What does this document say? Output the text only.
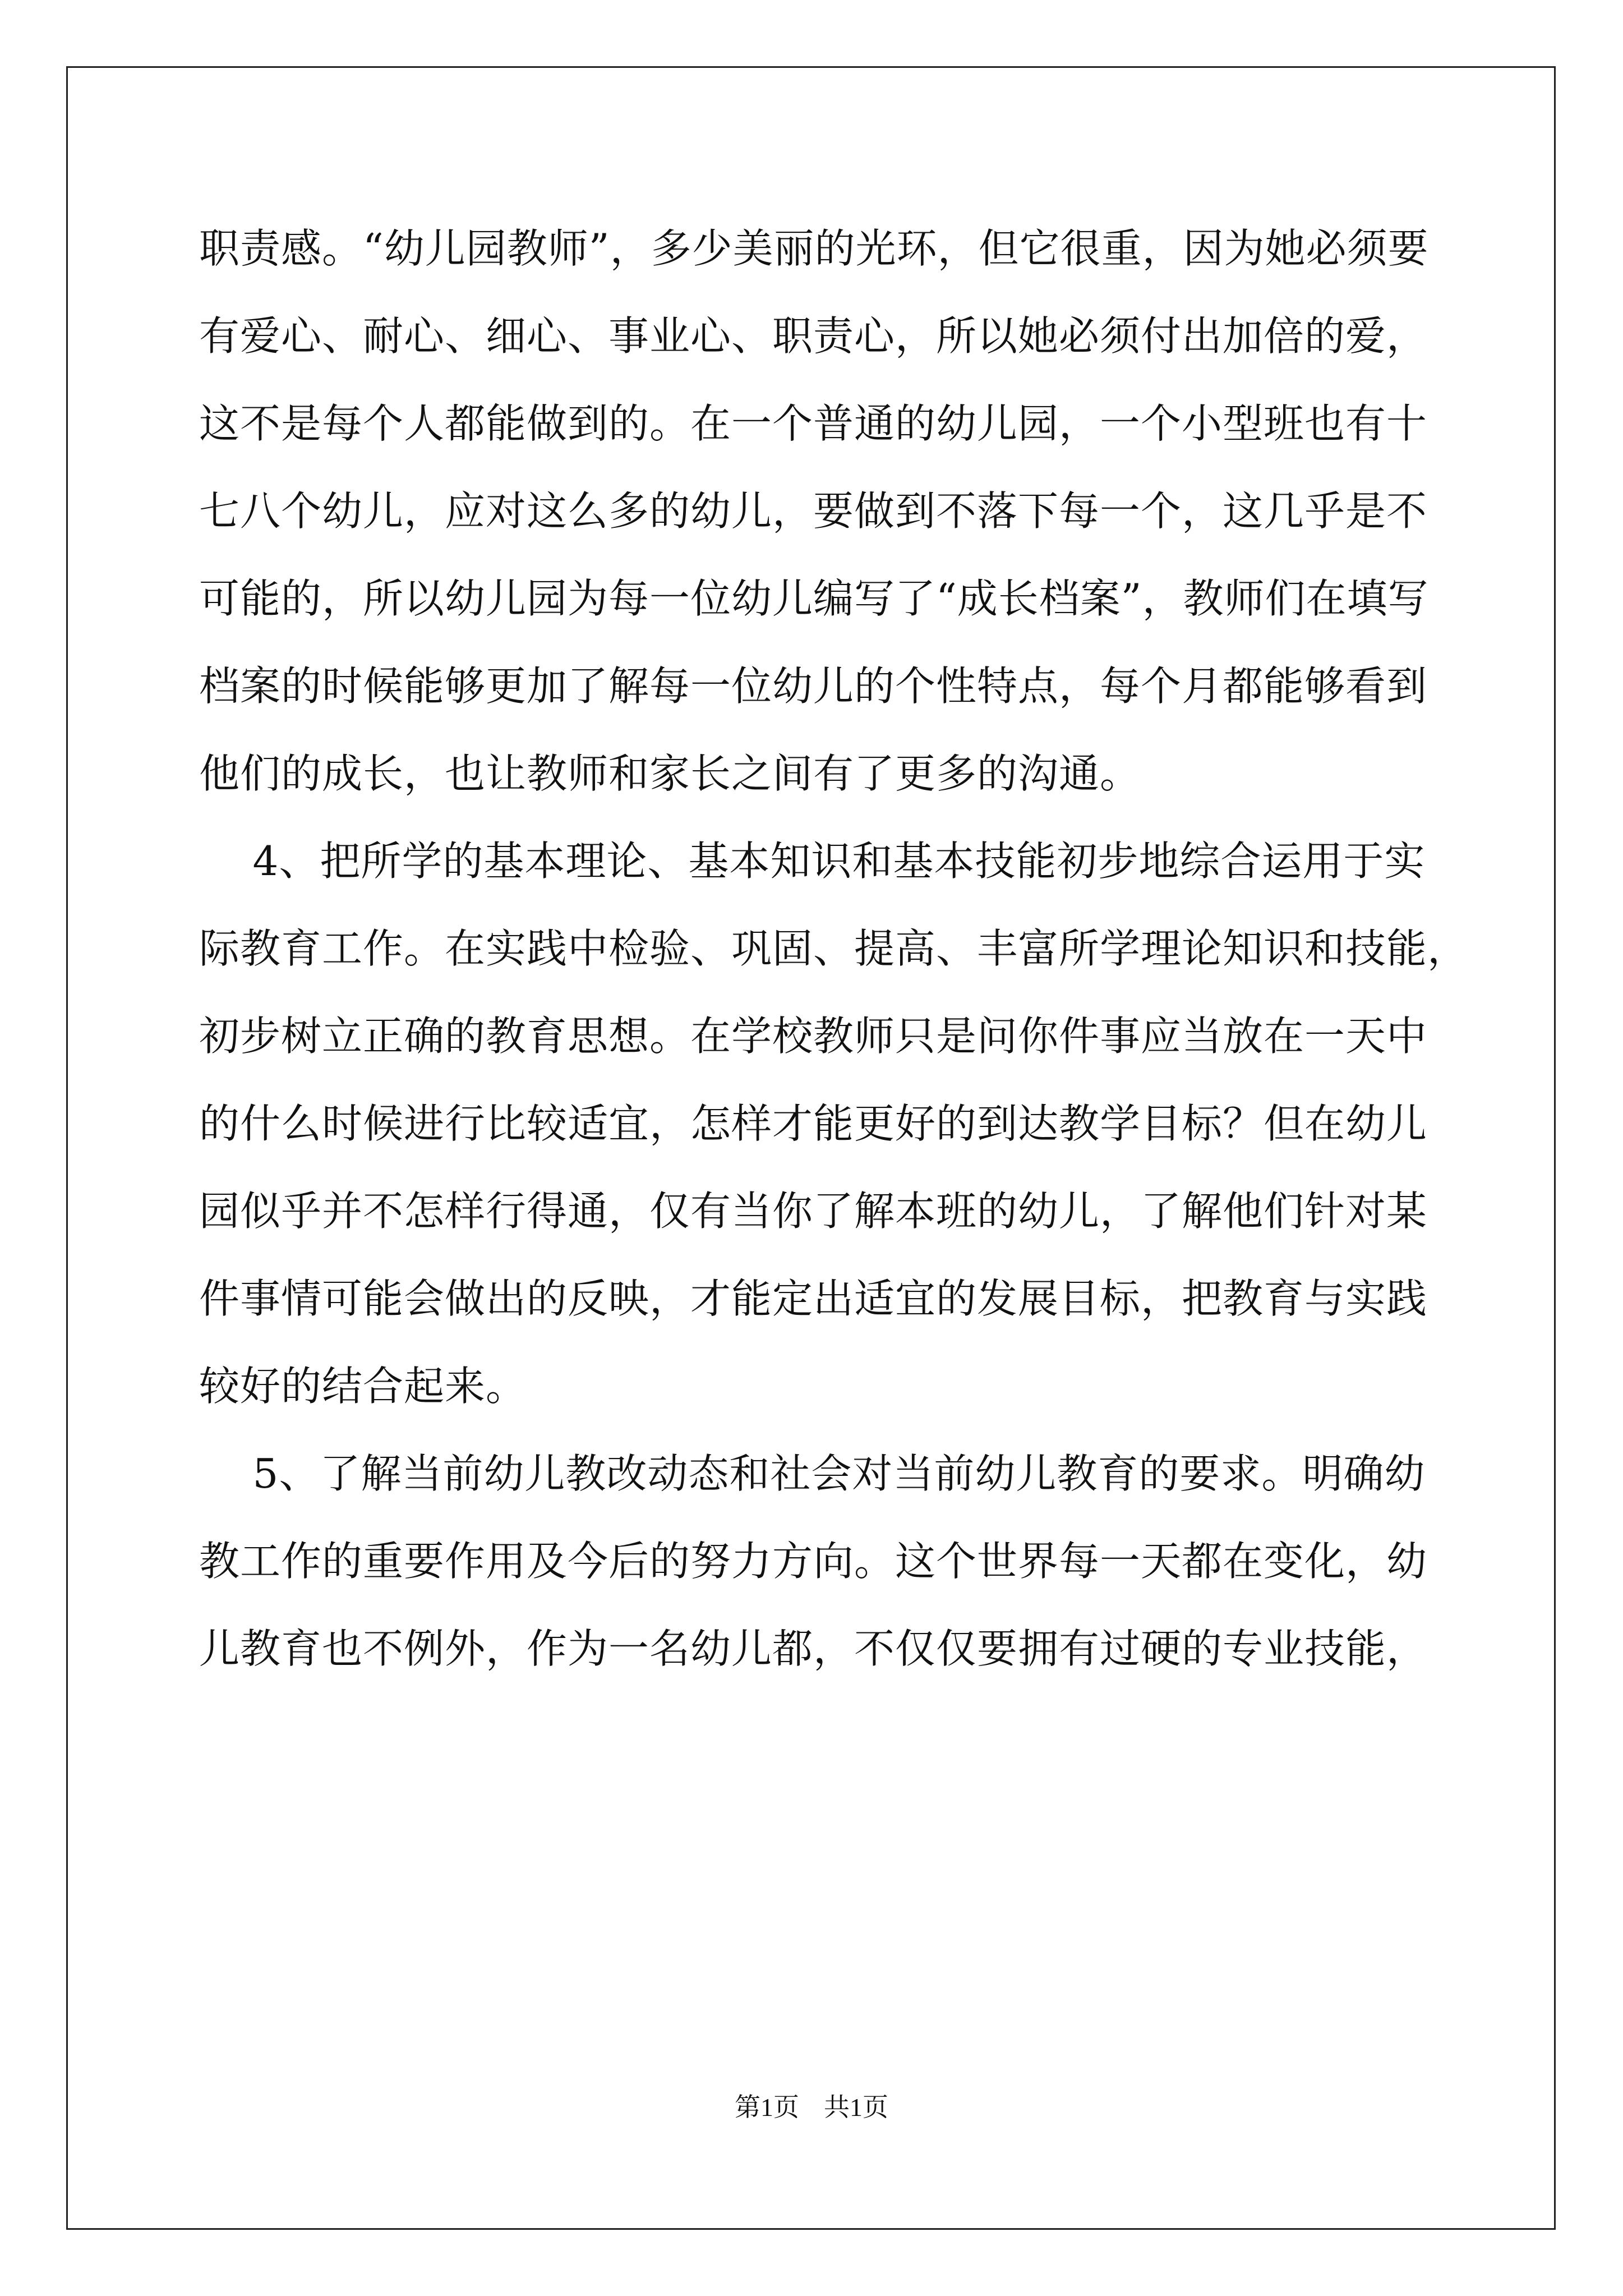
职责感。“幼儿园教师”，多少美丽的光环，但它很重，因为她必须要
有爱心、耐心、细心、事业心、职责心，所以她必须付出加倍的爱，
这不是每个人都能做到的。在一个普通的幼儿园，一个小型班也有十
七八个幼儿，应对这么多的幼儿，要做到不落下每一个，这几乎是不
可能的，所以幼儿园为每一位幼儿编写了“成长档案”，教师们在填写
档案的时候能够更加了解每一位幼儿的个性特点，每个月都能够看到
他们的成长，也让教师和家长之间有了更多的沟通。
4、把所学的基本理论、基本知识和基本技能初步地综合运用于实
际教育工作。在实践中检验、巩固、提高、丰富所学理论知识和技能，
初步树立正确的教育思想。在学校教师只是问你件事应当放在一天中
的什么时候进行比较适宜，怎样才能更好的到达教学目标？但在幼儿
园似乎并不怎样行得通，仅有当你了解本班的幼儿，了解他们针对某
件事情可能会做出的反映，才能定出适宜的发展目标，把教育与实践
较好的结合起来。
5、了解当前幼儿教改动态和社会对当前幼儿教育的要求。明确幼
教工作的重要作用及今后的努力方向。这个世界每一天都在变化，幼
儿教育也不例外，作为一名幼儿都，不仅仅要拥有过硬的专业技能，
第1页 共1页
